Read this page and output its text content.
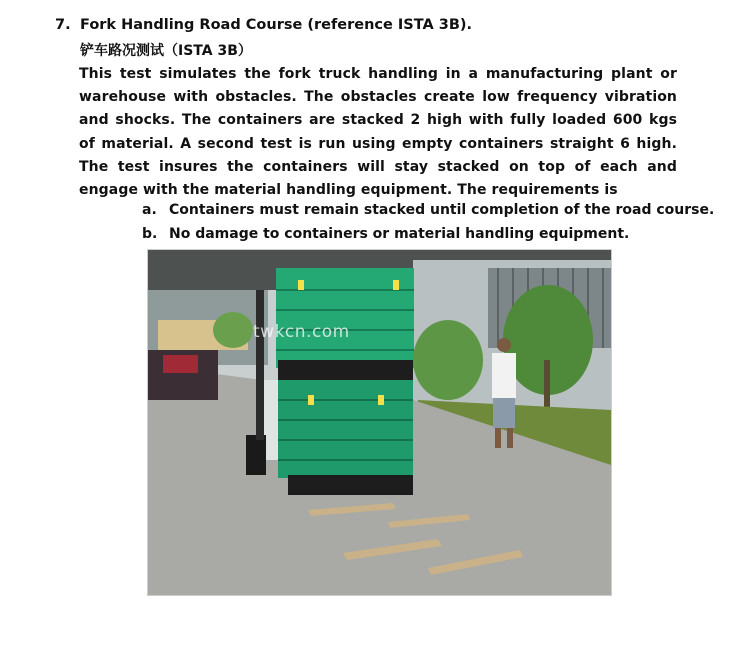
7. Fork Handling Road Course (reference ISTA 3B).
铲车路况测试（ISTA 3B）
This test simulates the fork truck handling in a manufacturing plant or warehouse with obstacles. The obstacles create low frequency vibration and shocks. The containers are stacked 2 high with fully loaded 600 kgs of material. A second test is run using empty containers straight 6 high. The test insures the containers will stay stacked on top of each and engage with the material handling equipment. The requirements is
a. Containers must remain stacked until completion of the road course.
b. No damage to containers or material handling equipment.
twkcn.com
